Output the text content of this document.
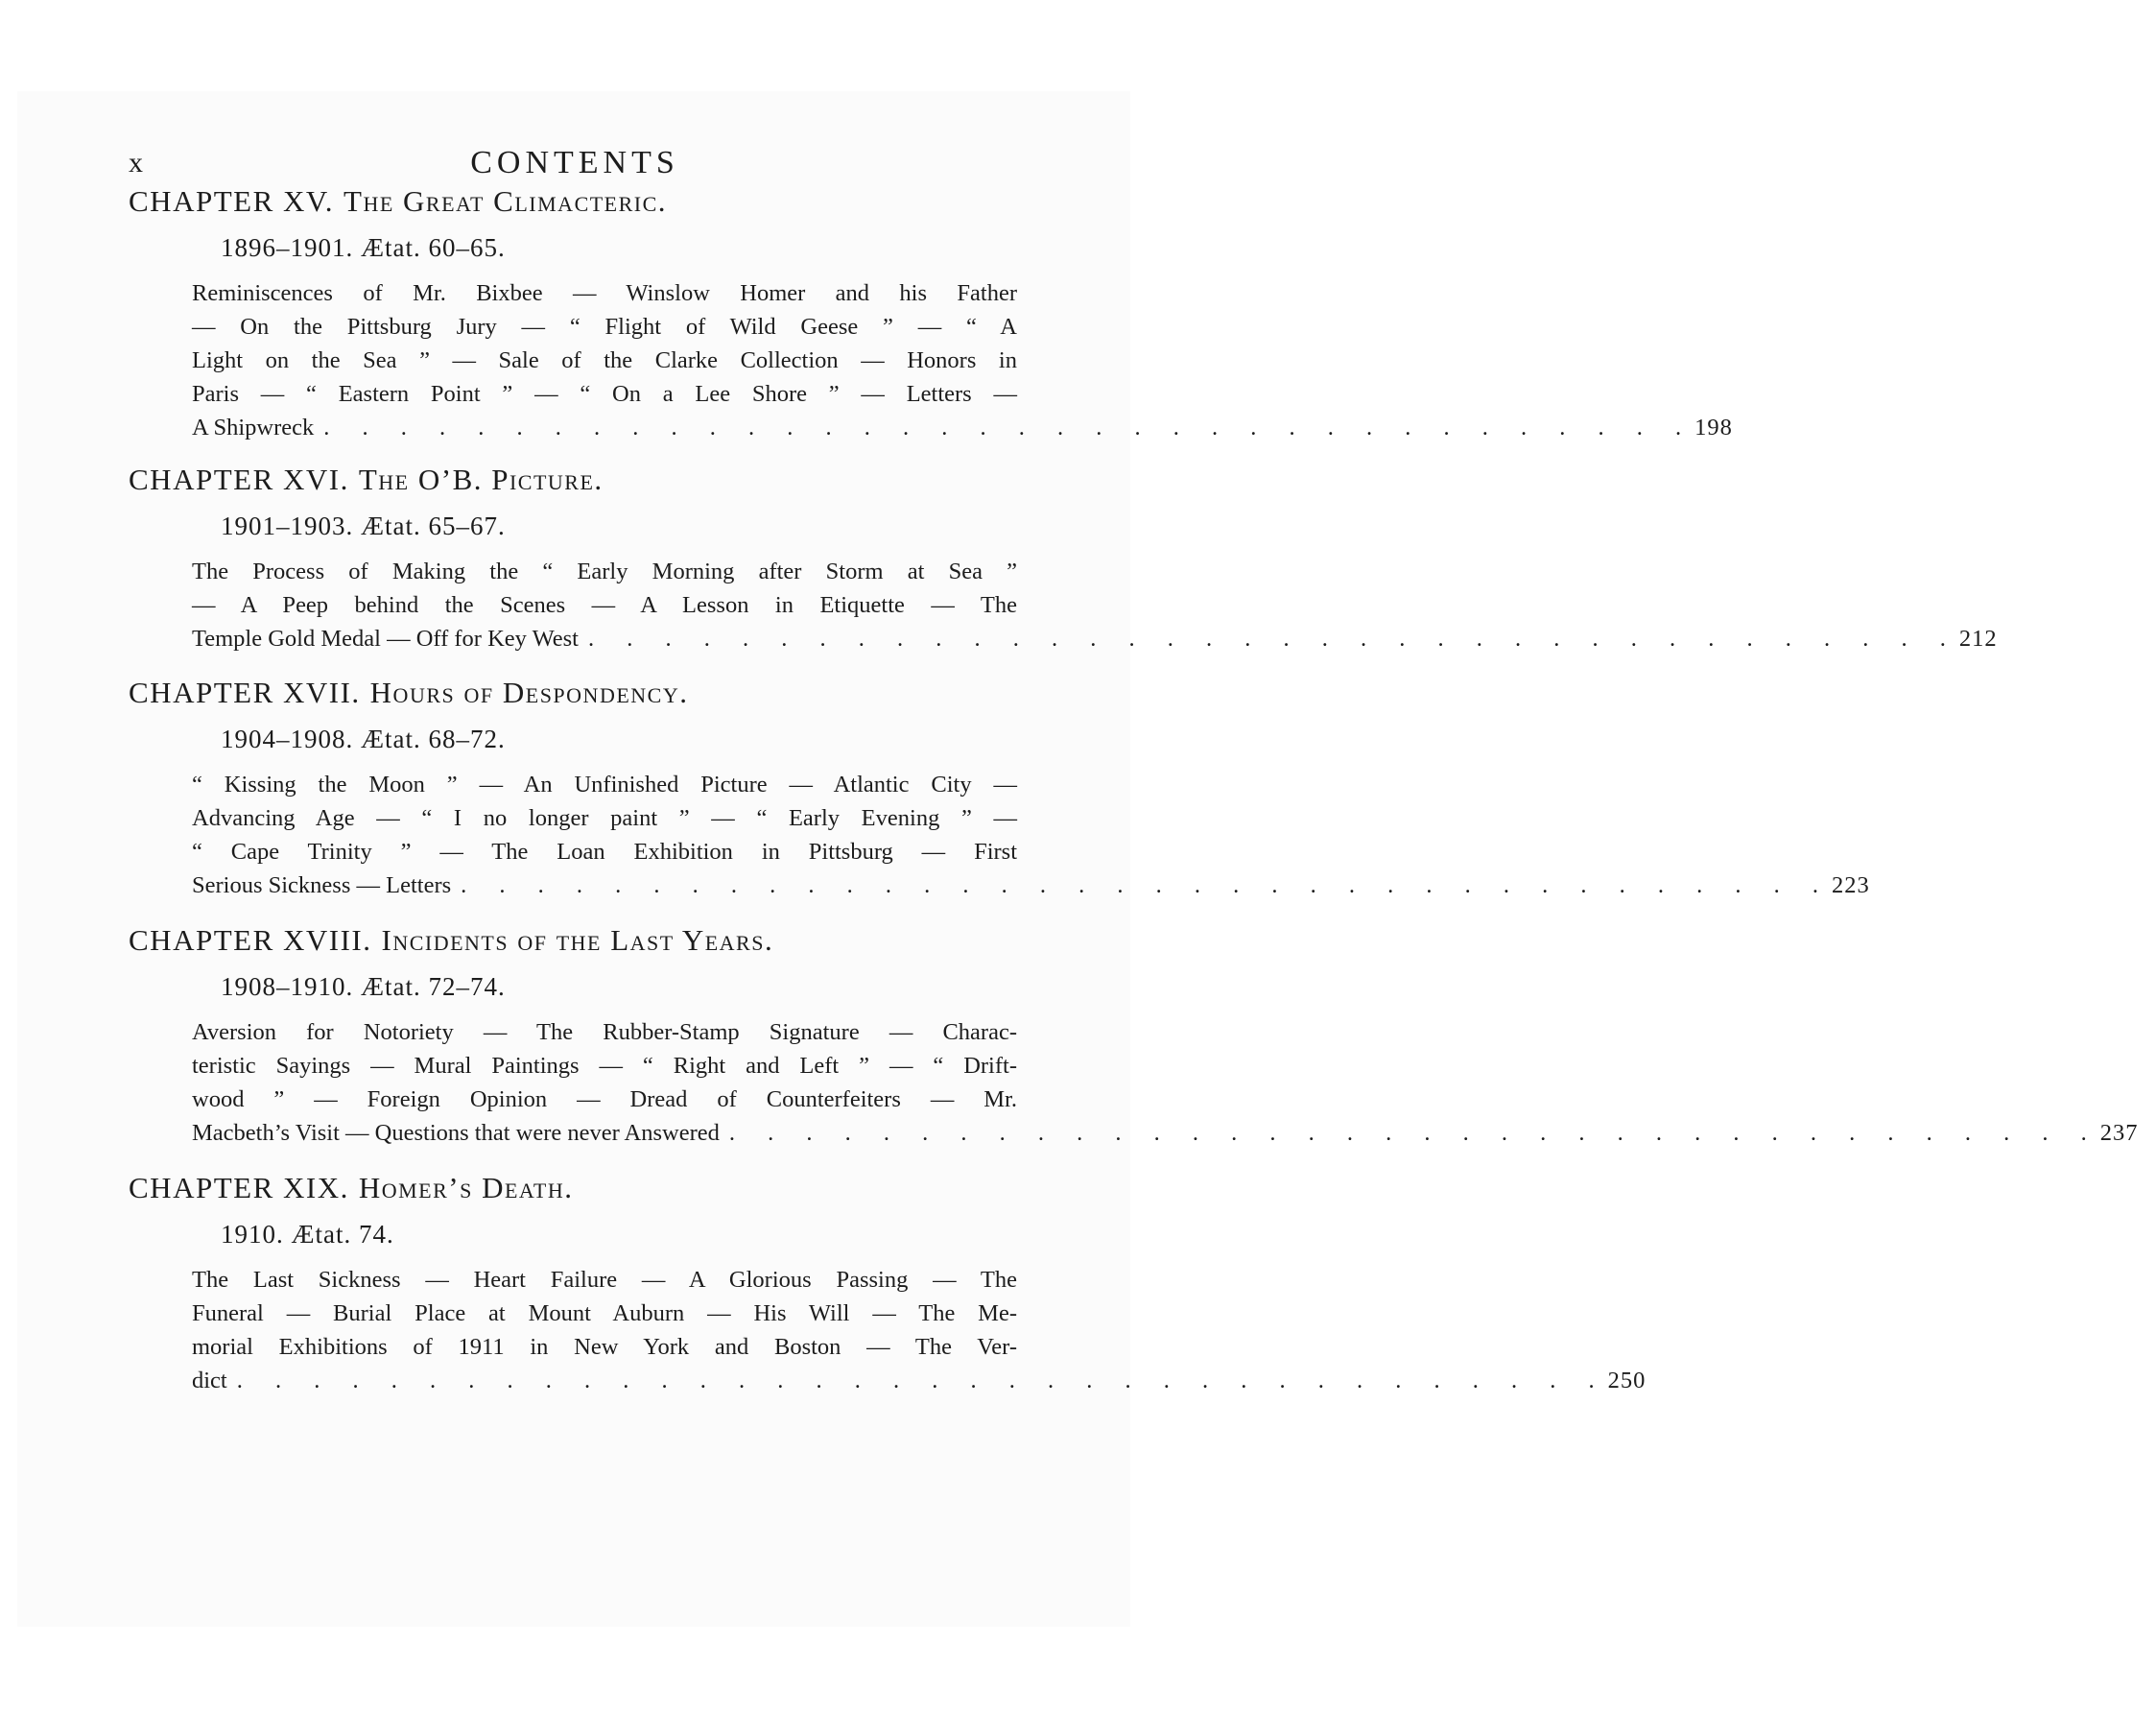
x	CONTENTS
CHAPTER XV. The Great Climacteric.
1896–1901. Ætat. 60–65.
Reminiscences of Mr. Bixbee — Winslow Homer and his Father
— On the Pittsburg Jury — “ Flight of Wild Geese ” — “ A
Light on the Sea ” — Sale of the Clarke Collection — Honors in
Paris — “ Eastern Point ” — “ On a Lee Shore ” — Letters —
A Shipwreck . . . . . . . . . . . . . . . . . . . . . . . . . . . . . . . . . . . . 198
CHAPTER XVI. The O’B. Picture.
1901–1903. Ætat. 65–67.
The Process of Making the “ Early Morning after Storm at Sea ”
— A Peep behind the Scenes — A Lesson in Etiquette — The
Temple Gold Medal — Off for Key West . . . . . . . . . . . . . . . . . . . . . . . . . . . . . . . . . . . . 212
CHAPTER XVII. Hours of Despondency.
1904–1908. Ætat. 68–72.
“ Kissing the Moon ” — An Unfinished Picture — Atlantic City —
Advancing Age — “ I no longer paint ” — “ Early Evening ” —
“ Cape Trinity ” — The Loan Exhibition in Pittsburg — First
Serious Sickness — Letters . . . . . . . . . . . . . . . . . . . . . . . . . . . . . . . . . . . . 223
CHAPTER XVIII. Incidents of the Last Years.
1908–1910. Ætat. 72–74.
Aversion for Notoriety — The Rubber-Stamp Signature — Charac-
teristic Sayings — Mural Paintings — “ Right and Left ” — “ Drift-
wood ” — Foreign Opinion — Dread of Counterfeiters — Mr.
Macbeth’s Visit — Questions that were never Answered . . . . . . . . . . . . . . . . . . . . . . . . . . . . . . . . . . . . 237
CHAPTER XIX. Homer’s Death.
1910. Ætat. 74.
The Last Sickness — Heart Failure — A Glorious Passing — The
Funeral — Burial Place at Mount Auburn — His Will — The Me-
morial Exhibitions of 1911 in New York and Boston — The Ver-
dict . . . . . . . . . . . . . . . . . . . . . . . . . . . . . . . . . . . . 250
